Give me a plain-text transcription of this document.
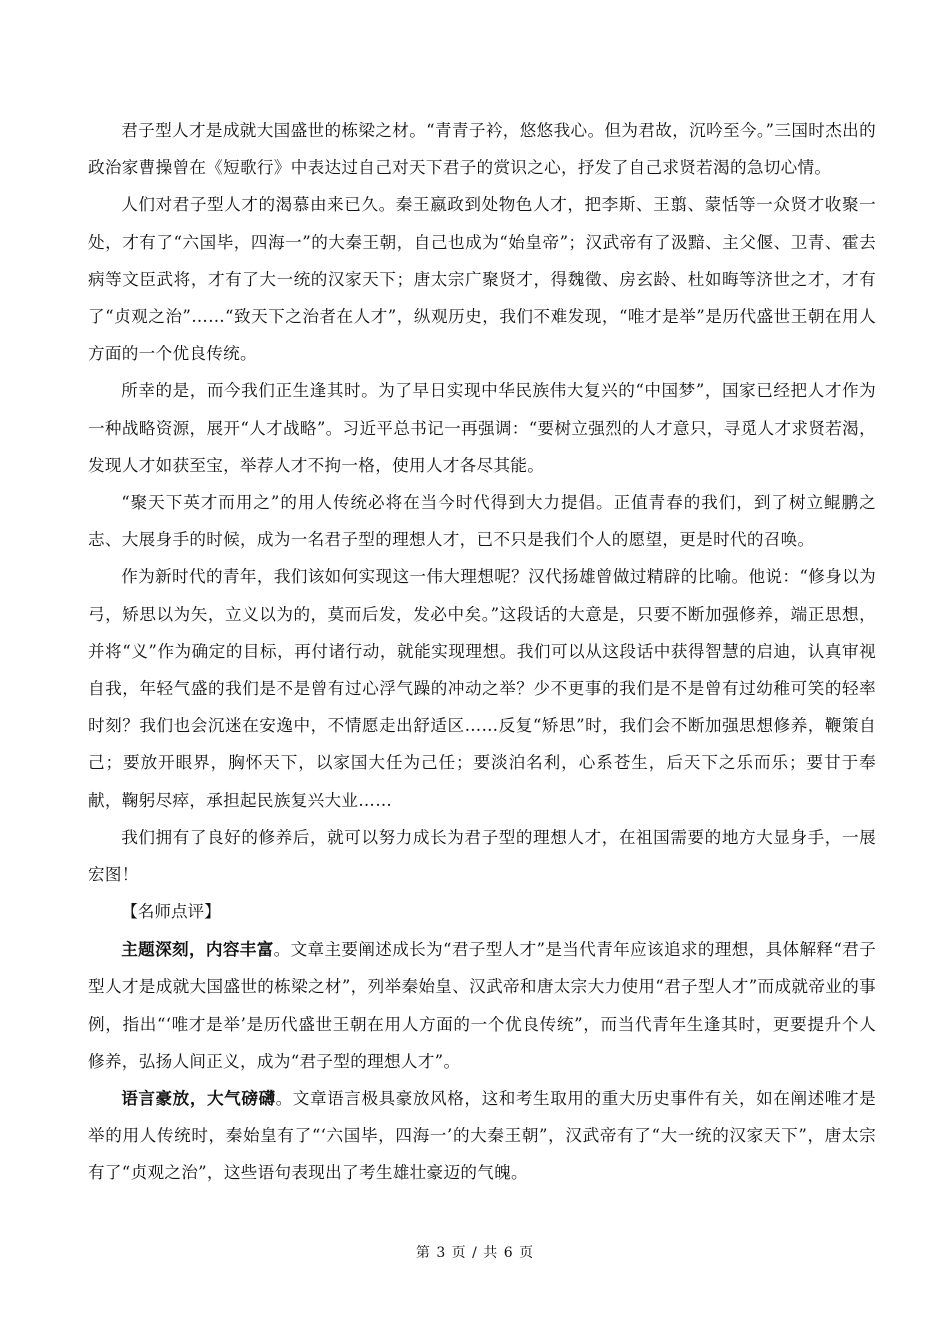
君子型人才是成就大国盛世的栋梁之材。“青青子衿，悠悠我心。但为君故，沉吟至今。”三国时杰出的政治家曹操曾在《短歌行》中表达过自己对天下君子的赏识之心，抒发了自己求贤若渴的急切心情。

人们对君子型人才的渴慕由来已久。秦王嬴政到处物色人才，把李斯、王翦、蒙恬等一众贤才收聚一处，才有了“六国毕，四海一”的大秦王朝，自己也成为“始皇帝”；汉武帝有了汲黯、主父偃、卫青、霍去病等文臣武将，才有了大一统的汉家天下；唐太宗广聚贤才，得魏徵、房玄龄、杜如晦等济世之才，才有了“贞观之治”……“致天下之治者在人才”，纵观历史，我们不难发现，“唯才是举”是历代盛世王朝在用人方面的一个优良传统。

所幸的是，而今我们正生逢其时。为了早日实现中华民族伟大复兴的“中国梦”，国家已经把人才作为一种战略资源，展开“人才战略”。习近平总书记一再强调：“要树立强烈的人才意只，寻觅人才求贤若渴，发现人才如获至宝，举荐人才不拘一格，使用人才各尽其能。

“聚天下英才而用之”的用人传统必将在当今时代得到大力提倡。正值青春的我们，到了树立鲲鹏之志、大展身手的时候，成为一名君子型的理想人才，已不只是我们个人的愿望，更是时代的召唤。

作为新时代的青年，我们该如何实现这一伟大理想呢？汉代扬雄曾做过精辟的比喻。他说：“修身以为弓，矫思以为矢，立义以为的，莫而后发，发必中矣。”这段话的大意是，只要不断加强修养，端正思想，并将“义”作为确定的目标，再付诸行动，就能实现理想。我们可以从这段话中获得智慧的启迪，认真审视自我，年轻气盛的我们是不是曾有过心浮气躁的冲动之举？少不更事的我们是不是曾有过幼稚可笑的轻率时刻？我们也会沉迷在安逸中，不情愿走出舒适区……反复“矫思”时，我们会不断加强思想修养，鞭策自己；要放开眼界，胸怀天下，以家国大任为己任；要淡泊名利，心系苍生，后天下之乐而乐；要甘于奉献，鞠躬尽瘁，承担起民族复兴大业……

我们拥有了良好的修养后，就可以努力成长为君子型的理想人才，在祖国需要的地方大显身手，一展宏图！

【名师点评】

主题深刻，内容丰富。文章主要阐述成长为“君子型人才”是当代青年应该追求的理想，具体解释“君子型人才是成就大国盛世的栋梁之材”，列举秦始皇、汉武帝和唐太宗大力使用“君子型人才”而成就帝业的事例，指出“‘唯才是举’是历代盛世王朝在用人方面的一个优良传统”，而当代青年生逢其时，更要提升个人修养，弘扬人间正义，成为“君子型的理想人才”。

语言豪放，大气磅礴。文章语言极具豪放风格，这和考生取用的重大历史事件有关，如在阐述唯才是举的用人传统时，秦始皇有了“‘六国毕，四海一’的大秦王朝”，汉武帝有了“大一统的汉家天下”，唐太宗有了“贞观之治”，这些语句表现出了考生雄壮豪迈的气魄。

第 3 页 / 共 6 页
